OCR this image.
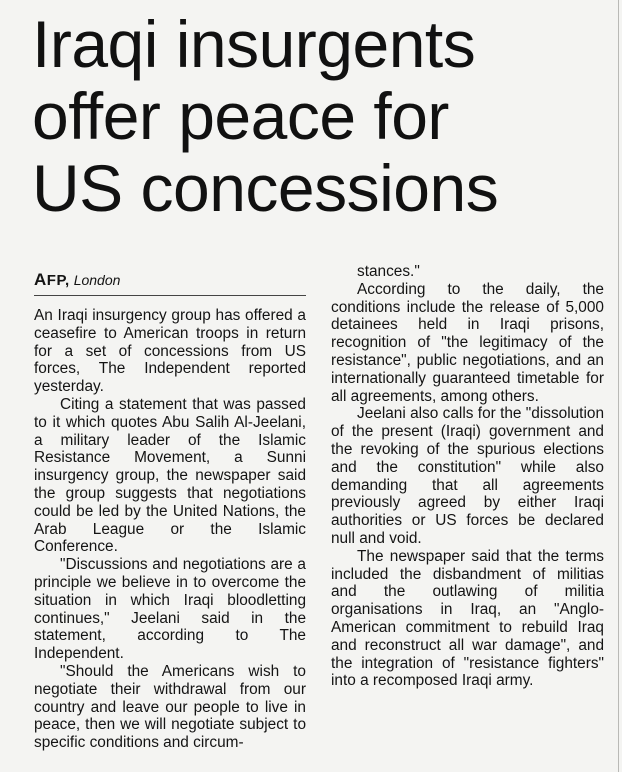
Iraqi insurgents
offer peace for
US concessions
AFP, London

An Iraqi insurgency group has offered a ceasefire to American troops in return for a set of concessions from US forces, The Independent reported yesterday.

Citing a statement that was passed to it which quotes Abu Salih Al-Jeelani, a military leader of the Islamic Resistance Movement, a Sunni insurgency group, the newspaper said the group suggests that negotiations could be led by the United Nations, the Arab League or the Islamic Conference.

"Discussions and negotiations are a principle we believe in to overcome the situation in which Iraqi bloodletting continues," Jeelani said in the statement, according to The Independent.

"Should the Americans wish to negotiate their withdrawal from our country and leave our people to live in peace, then we will negotiate subject to specific conditions and circum-

stances."

According to the daily, the conditions include the release of 5,000 detainees held in Iraqi prisons, recognition of "the legitimacy of the resistance", public negotiations, and an internationally guaranteed timetable for all agreements, among others.

Jeelani also calls for the "dissolution of the present (Iraqi) government and the revoking of the spurious elections and the constitution" while also demanding that all agreements previously agreed by either Iraqi authorities or US forces be declared null and void.

The newspaper said that the terms included the disbandment of militias and the outlawing of militia organisations in Iraq, an "Anglo-American commitment to rebuild Iraq and reconstruct all war damage", and the integration of "resistance fighters" into a recomposed Iraqi army.
